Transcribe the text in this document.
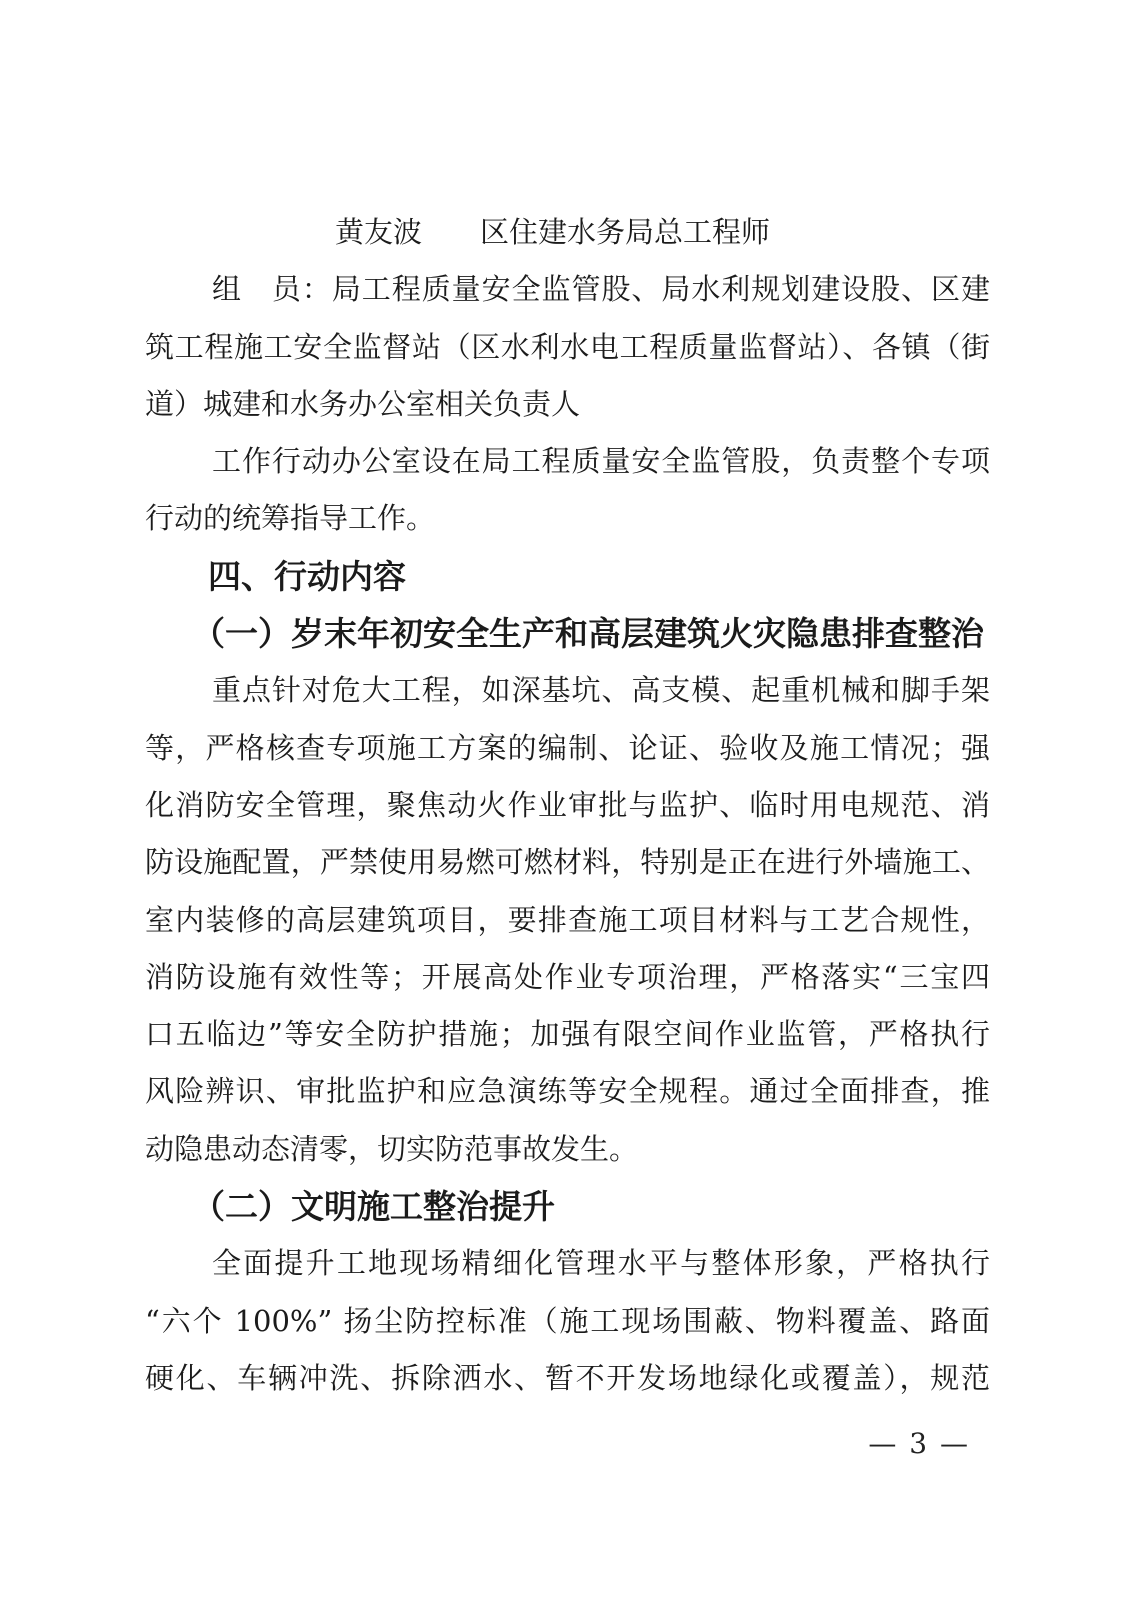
黄友波　　区住建水务局总工程师
组　员：局工程质量安全监管股、局水利规划建设股、区建
筑工程施工安全监督站（区水利水电工程质量监督站）、各镇（街
道）城建和水务办公室相关负责人
工作行动办公室设在局工程质量安全监管股，负责整个专项
行动的统筹指导工作。
四、行动内容
（一）岁末年初安全生产和高层建筑火灾隐患排查整治
重点针对危大工程，如深基坑、高支模、起重机械和脚手架
等，严格核查专项施工方案的编制、论证、验收及施工情况；强
化消防安全管理，聚焦动火作业审批与监护、临时用电规范、消
防设施配置，严禁使用易燃可燃材料，特别是正在进行外墙施工、
室内装修的高层建筑项目，要排查施工项目材料与工艺合规性，
消防设施有效性等；开展高处作业专项治理，严格落实“三宝四
口五临边”等安全防护措施；加强有限空间作业监管，严格执行
风险辨识、审批监护和应急演练等安全规程。通过全面排查，推
动隐患动态清零，切实防范事故发生。
（二）文明施工整治提升
全面提升工地现场精细化管理水平与整体形象，严格执行
“六个 100%” 扬尘防控标准（施工现场围蔽、物料覆盖、路面
硬化、车辆冲洗、拆除洒水、暂不开发场地绿化或覆盖），规范
— 3 —
